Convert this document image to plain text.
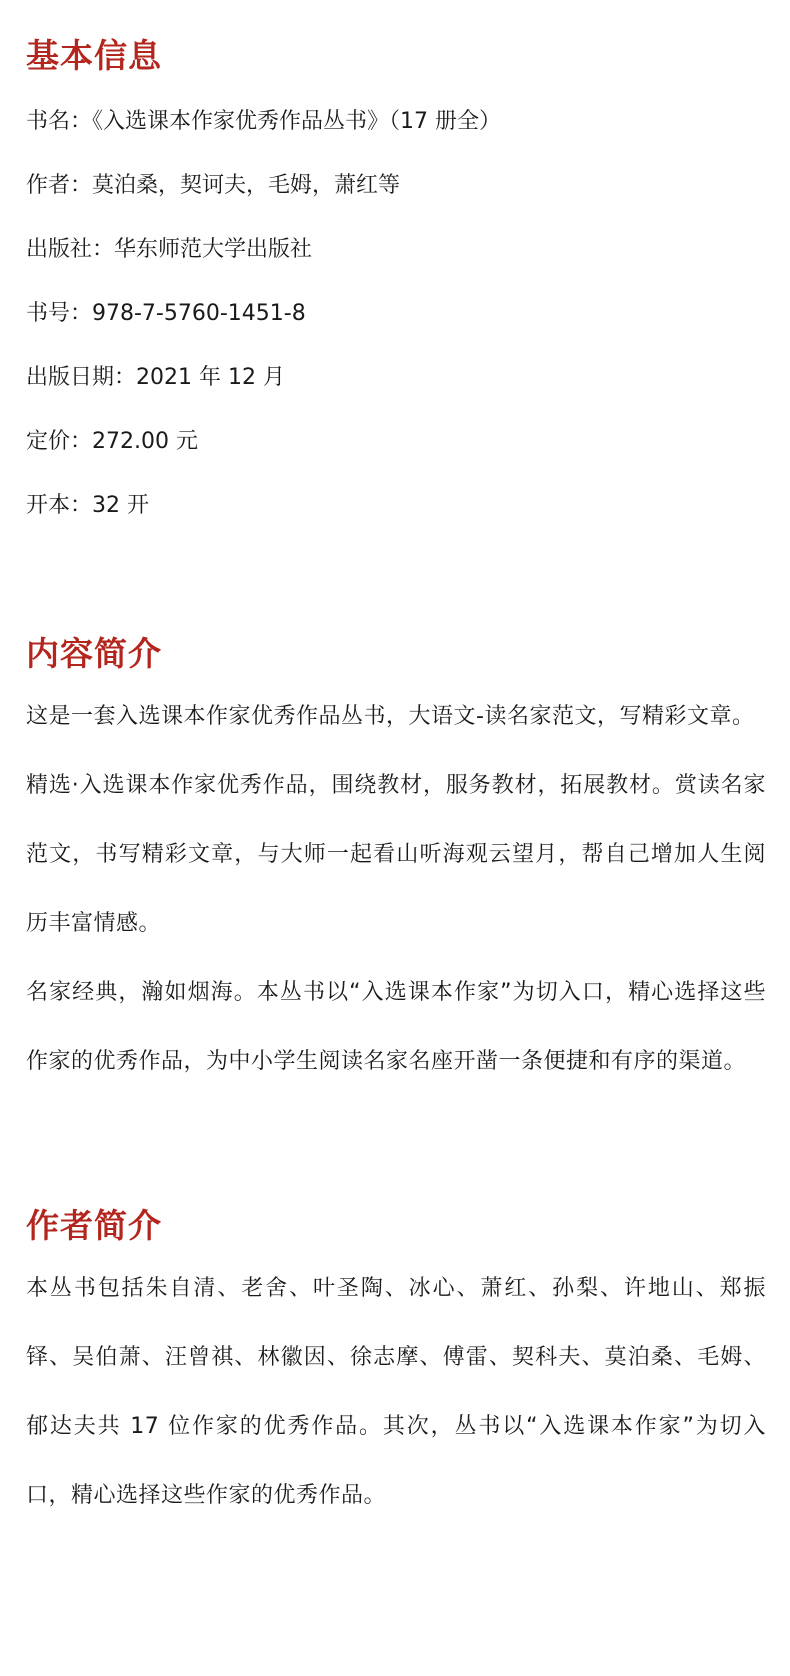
基本信息

书名：《入选课本作家优秀作品丛书》（17 册全）

作者：莫泊桑，契诃夫，毛姆，萧红等

出版社：华东师范大学出版社

书号：978-7-5760-1451-8

出版日期：2021 年 12 月

定价：272.00 元

开本：32 开

内容简介

这是一套入选课本作家优秀作品丛书，大语文-读名家范文，写精彩文章。

精选·入选课本作家优秀作品，围绕教材，服务教材，拓展教材。赏读名家范文，书写精彩文章，与大师一起看山听海观云望月，帮自己增加人生阅历丰富情感。

名家经典，瀚如烟海。本丛书以“入选课本作家”为切入口，精心选择这些作家的优秀作品，为中小学生阅读名家名座开凿一条便捷和有序的渠道。

作者简介

本丛书包括朱自清、老舍、叶圣陶、冰心、萧红、孙梨、许地山、郑振铎、吴伯萧、汪曾祺、林徽因、徐志摩、傅雷、契科夫、莫泊桑、毛姆、郁达夫共 17 位作家的优秀作品。其次，丛书以“入选课本作家”为切入口，精心选择这些作家的优秀作品。
